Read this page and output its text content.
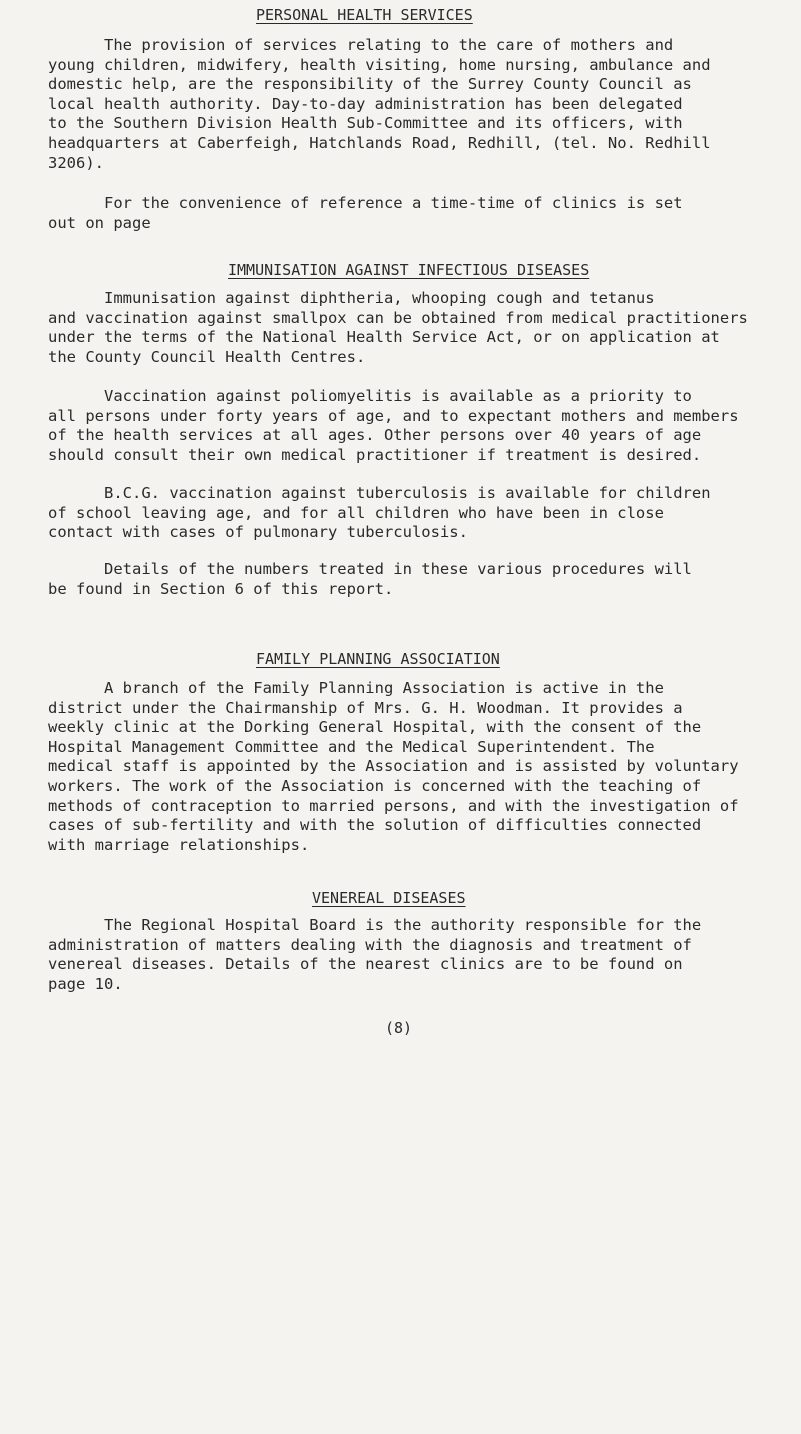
PERSONAL HEALTH SERVICES

The provision of services relating to the care of mothers and
young children, midwifery, health visiting, home nursing, ambulance and
domestic help, are the responsibility of the Surrey County Council as
local health authority. Day-to-day administration has been delegated
to the Southern Division Health Sub-Committee and its officers, with
headquarters at Caberfeigh, Hatchlands Road, Redhill, (tel. No. Redhill
3206).

For the convenience of reference a time-time of clinics is set
out on page

IMMUNISATION AGAINST INFECTIOUS DISEASES

Immunisation against diphtheria, whooping cough and tetanus
and vaccination against smallpox can be obtained from medical practitioners
under the terms of the National Health Service Act, or on application at
the County Council Health Centres.

Vaccination against poliomyelitis is available as a priority to
all persons under forty years of age, and to expectant mothers and members
of the health services at all ages. Other persons over 40 years of age
should consult their own medical practitioner if treatment is desired.

B.C.G. vaccination against tuberculosis is available for children
of school leaving age, and for all children who have been in close
contact with cases of pulmonary tuberculosis.

Details of the numbers treated in these various procedures will
be found in Section 6 of this report.

FAMILY PLANNING ASSOCIATION

A branch of the Family Planning Association is active in the
district under the Chairmanship of Mrs. G. H. Woodman. It provides a
weekly clinic at the Dorking General Hospital, with the consent of the
Hospital Management Committee and the Medical Superintendent. The
medical staff is appointed by the Association and is assisted by voluntary
workers. The work of the Association is concerned with the teaching of
methods of contraception to married persons, and with the investigation of
cases of sub-fertility and with the solution of difficulties connected
with marriage relationships.

VENEREAL DISEASES

The Regional Hospital Board is the authority responsible for the
administration of matters dealing with the diagnosis and treatment of
venereal diseases. Details of the nearest clinics are to be found on
page 10.

(8)
